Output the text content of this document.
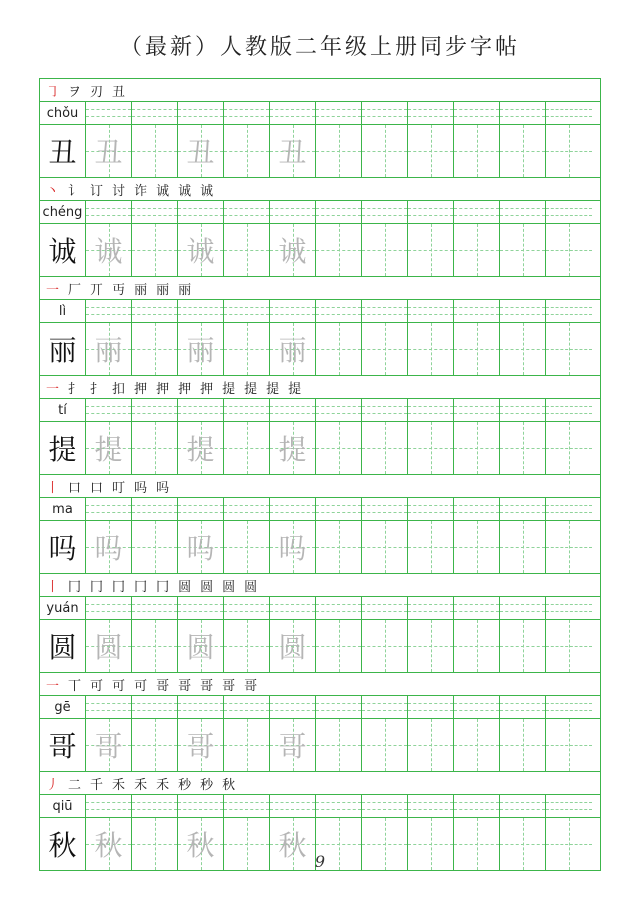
（最新）人教版二年级上册同步字帖
㇆ ヲ 刃 丑
chǒu
丑 丑 丑 丑
丶 讠 订 讨 诈 诚 诚 诚
chéng
诚 诚 诚 诚
一 厂 丌 丏 丽 丽 丽
lì
丽 丽 丽 丽
一 扌 扌 扣 押 押 押 押 提 提 提 提
tí
提 提 提 提
丨 口 口 叮 吗 吗
ma
吗 吗 吗 吗
丨 冂 冂 冂 冂 冂 圆 圆 圆 圆
yuán
圆 圆 圆 圆
一 丅 可 可 可 哥 哥 哥 哥 哥
gē
哥 哥 哥 哥
丿 二 千 禾 禾 禾 秒 秒 秋
qiū
秋 秋 秋 秋 9
